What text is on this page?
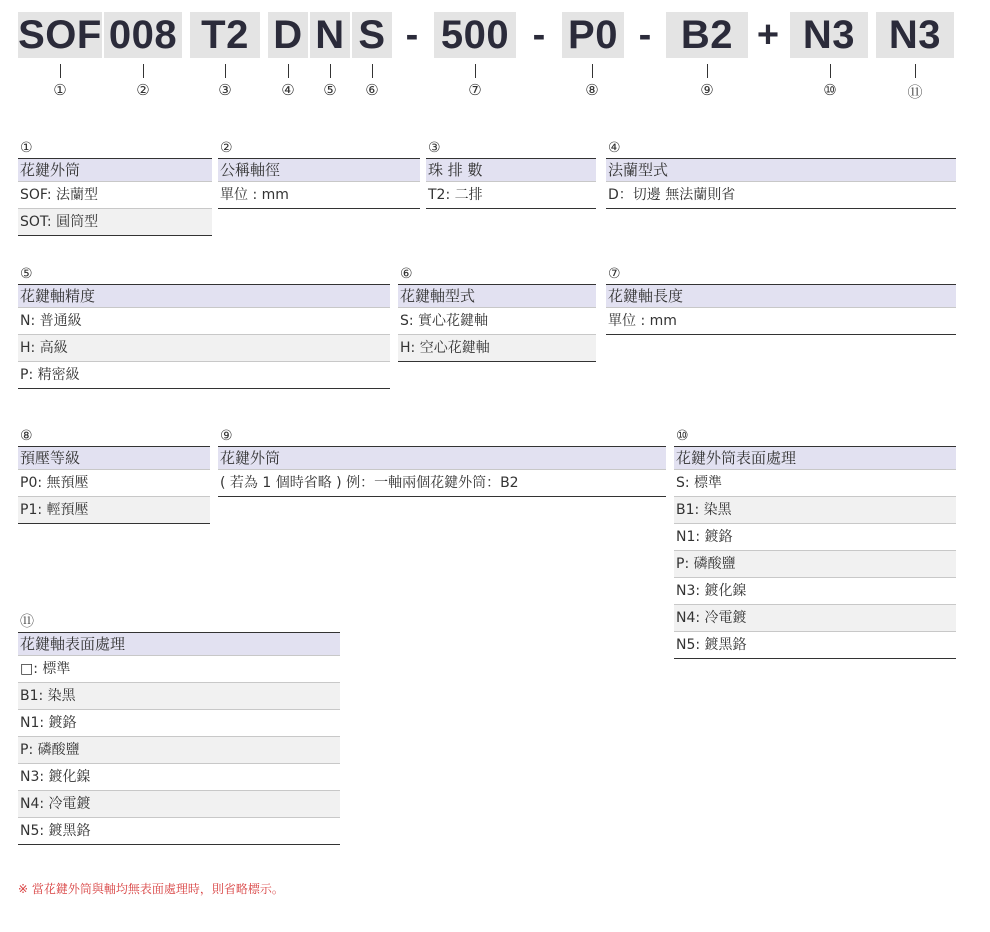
SOF 008 T2 D N S - 500 - P0 - B2 + N3 N3
①	②	③	④	⑤	⑥	⑦	⑧	⑨	⑩	⑪
①
花鍵外筒
SOF: 法蘭型
SOT: 圓筒型
②
公稱軸徑
單位 : mm
③
珠 排 數
T2: 二排
④
法蘭型式
D：切邊 無法蘭則省
⑤
花鍵軸精度
N: 普通級
H: 高級
P: 精密級
⑥
花鍵軸型式
S: 實心花鍵軸
H: 空心花鍵軸
⑦
花鍵軸長度
單位 : mm
⑧
預壓等級
P0: 無預壓
P1: 輕預壓
⑨
花鍵外筒
( 若為 1 個時省略 ) 例：一軸兩個花鍵外筒：B2
⑩
花鍵外筒表面處理
S: 標準
B1: 染黑
N1: 鍍鉻
P: 磷酸鹽
N3: 鍍化鎳
N4: 冷電鍍
N5: 鍍黑鉻
⑪
花鍵軸表面處理
□: 標準
B1: 染黑
N1: 鍍鉻
P: 磷酸鹽
N3: 鍍化鎳
N4: 冷電鍍
N5: 鍍黑鉻
※ 當花鍵外筒與軸均無表面處理時，則省略標示。
